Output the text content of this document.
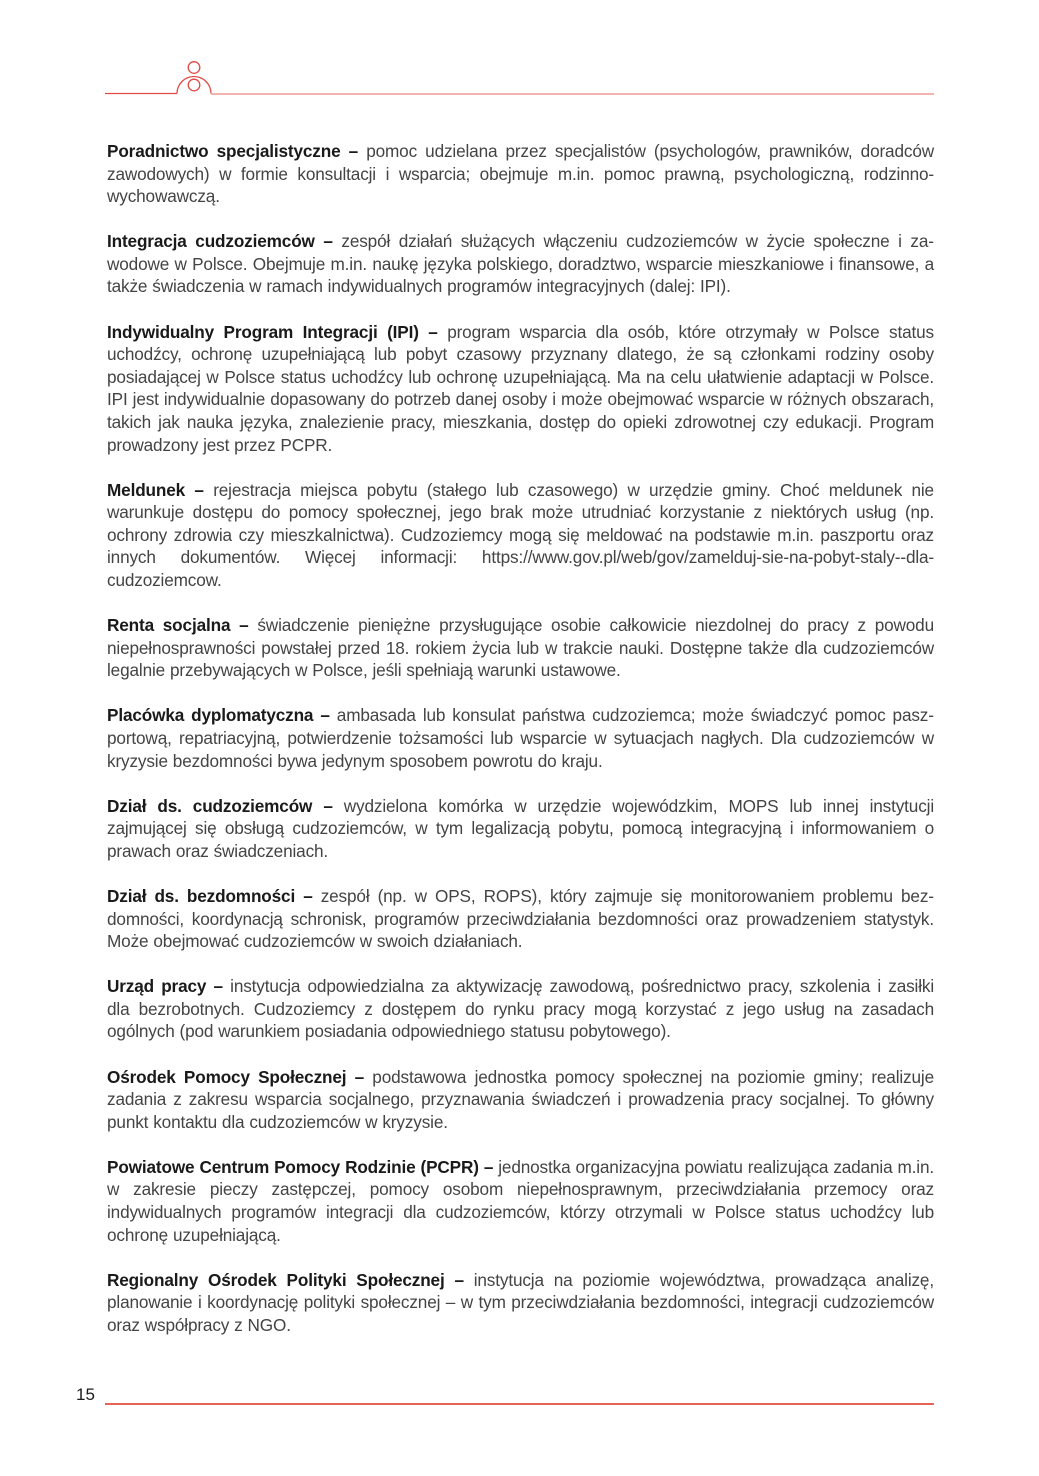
Poradnictwo specjalistyczne – pomoc udzielana przez specjalistów (psychologów, prawników, doradców zawodowych) w formie konsultacji i wsparcia; obejmuje m.in. pomoc prawną, psychologiczną, rodzinno-wychowawczą.

Integracja cudzoziemców – zespół działań służących włączeniu cudzoziemców w życie społeczne i zawodowe w Polsce. Obejmuje m.in. naukę języka polskiego, doradztwo, wsparcie mieszkaniowe i finansowe, a także świadczenia w ramach indywidualnych programów integracyjnych (dalej: IPI).

Indywidualny Program Integracji (IPI) – program wsparcia dla osób, które otrzymały w Polsce status uchodźcy, ochronę uzupełniającą lub pobyt czasowy przyznany dlatego, że są członkami rodziny osoby posiadającej w Polsce status uchodźcy lub ochronę uzupełniającą. Ma na celu ułatwienie adaptacji w Polsce. IPI jest indywidualnie dopasowany do potrzeb danej osoby i może obejmować wsparcie w różnych obszarach, takich jak nauka języka, znalezienie pracy, mieszkania, dostęp do opieki zdrowotnej czy edukacji. Program prowadzony jest przez PCPR.

Meldunek – rejestracja miejsca pobytu (stałego lub czasowego) w urzędzie gminy. Choć meldunek nie warunkuje dostępu do pomocy społecznej, jego brak może utrudniać korzystanie z niektórych usług (np. ochrony zdrowia czy mieszkalnictwa). Cudzoziemcy mogą się meldować na podstawie m.in. paszportu oraz innych dokumentów. Więcej informacji: https://www.gov.pl/web/gov/zamelduj-sie-na-pobyt-staly--dla-cudzoziemcow.

Renta socjalna – świadczenie pieniężne przysługujące osobie całkowicie niezdolnej do pracy z powodu niepełnosprawności powstałej przed 18. rokiem życia lub w trakcie nauki. Dostępne także dla cudzoziemców legalnie przebywających w Polsce, jeśli spełniają warunki ustawowe.

Placówka dyplomatyczna – ambasada lub konsulat państwa cudzoziemca; może świadczyć pomoc paszportową, repatriacyjną, potwierdzenie tożsamości lub wsparcie w sytuacjach nagłych. Dla cudzoziemców w kryzysie bezdomności bywa jedynym sposobem powrotu do kraju.

Dział ds. cudzoziemców – wydzielona komórka w urzędzie wojewódzkim, MOPS lub innej instytucji zajmującej się obsługą cudzoziemców, w tym legalizacją pobytu, pomocą integracyjną i informowaniem o prawach oraz świadczeniach.

Dział ds. bezdomności – zespół (np. w OPS, ROPS), który zajmuje się monitorowaniem problemu bezdomności, koordynacją schronisk, programów przeciwdziałania bezdomności oraz prowadzeniem statystyk. Może obejmować cudzoziemców w swoich działaniach.

Urząd pracy – instytucja odpowiedzialna za aktywizację zawodową, pośrednictwo pracy, szkolenia i zasiłki dla bezrobotnych. Cudzoziemcy z dostępem do rynku pracy mogą korzystać z jego usług na zasadach ogólnych (pod warunkiem posiadania odpowiedniego statusu pobytowego).

Ośrodek Pomocy Społecznej – podstawowa jednostka pomocy społecznej na poziomie gminy; realizuje zadania z zakresu wsparcia socjalnego, przyznawania świadczeń i prowadzenia pracy socjalnej. To główny punkt kontaktu dla cudzoziemców w kryzysie.

Powiatowe Centrum Pomocy Rodzinie (PCPR) – jednostka organizacyjna powiatu realizująca zadania m.in. w zakresie pieczy zastępczej, pomocy osobom niepełnosprawnym, przeciwdziałania przemocy oraz indywidualnych programów integracji dla cudzoziemców, którzy otrzymali w Polsce status uchodźcy lub ochronę uzupełniającą.

Regionalny Ośrodek Polityki Społecznej – instytucja na poziomie województwa, prowadząca analizę, planowanie i koordynację polityki społecznej – w tym przeciwdziałania bezdomności, integracji cudzoziemców oraz współpracy z NGO.

15
